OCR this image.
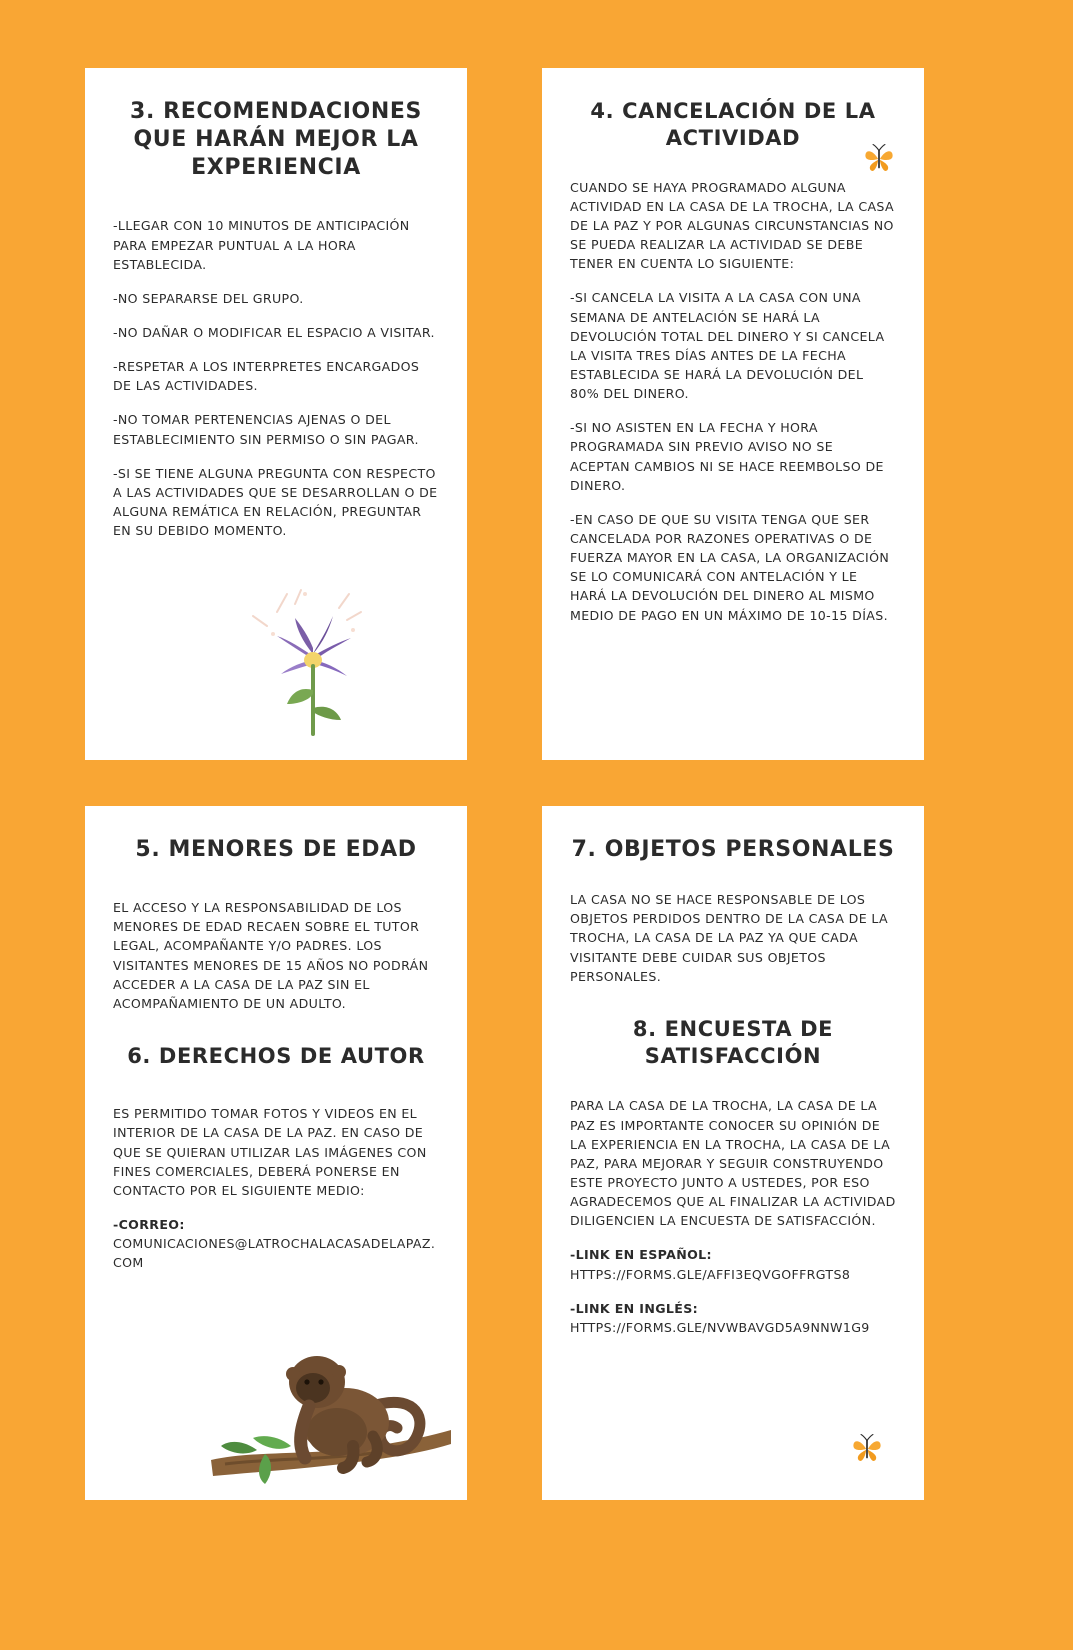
3. RECOMENDACIONES QUE HARÁN MEJOR LA EXPERIENCIA

-LLEGAR CON 10 MINUTOS DE ANTICIPACIÓN PARA EMPEZAR PUNTUAL A LA HORA ESTABLECIDA.

-NO SEPARARSE DEL GRUPO.

-NO DAÑAR O MODIFICAR EL ESPACIO A VISITAR.

-RESPETAR A LOS INTERPRETES ENCARGADOS DE LAS ACTIVIDADES.

-NO TOMAR PERTENENCIAS AJENAS O DEL ESTABLECIMIENTO SIN PERMISO O SIN PAGAR.

-SI SE TIENE ALGUNA PREGUNTA CON RESPECTO A LAS ACTIVIDADES QUE SE DESARROLLAN O DE ALGUNA REMÁTICA EN RELACIÓN, PREGUNTAR EN SU DEBIDO MOMENTO.

4. CANCELACIÓN DE LA ACTIVIDAD

CUANDO SE HAYA PROGRAMADO ALGUNA ACTIVIDAD EN LA CASA DE LA TROCHA, LA CASA DE LA PAZ Y POR ALGUNAS CIRCUNSTANCIAS NO SE PUEDA REALIZAR LA ACTIVIDAD SE DEBE TENER EN CUENTA LO SIGUIENTE:

-SI CANCELA LA VISITA A LA CASA CON UNA SEMANA DE ANTELACIÓN SE HARÁ LA DEVOLUCIÓN TOTAL DEL DINERO Y SI CANCELA LA VISITA TRES DÍAS ANTES DE LA FECHA ESTABLECIDA SE HARÁ LA DEVOLUCIÓN DEL 80% DEL DINERO.

-SI NO ASISTEN EN LA FECHA Y HORA PROGRAMADA SIN PREVIO AVISO NO SE ACEPTAN CAMBIOS NI SE HACE REEMBOLSO DE DINERO.

-EN CASO DE QUE SU VISITA TENGA QUE SER CANCELADA POR RAZONES OPERATIVAS O DE FUERZA MAYOR EN LA CASA, LA ORGANIZACIÓN SE LO COMUNICARÁ CON ANTELACIÓN Y LE HARÁ LA DEVOLUCIÓN DEL DINERO AL MISMO MEDIO DE PAGO EN UN MÁXIMO DE 10-15 DÍAS.

5. MENORES DE EDAD

EL ACCESO Y LA RESPONSABILIDAD DE LOS MENORES DE EDAD RECAEN SOBRE EL TUTOR LEGAL, ACOMPAÑANTE Y/O PADRES. LOS VISITANTES MENORES DE 15 AÑOS NO PODRÁN ACCEDER A LA CASA DE LA PAZ SIN EL ACOMPAÑAMIENTO DE UN ADULTO.

6. DERECHOS DE AUTOR

ES PERMITIDO TOMAR FOTOS Y VIDEOS EN EL INTERIOR DE LA CASA DE LA PAZ. EN CASO DE QUE SE QUIERAN UTILIZAR LAS IMÁGENES CON FINES COMERCIALES, DEBERÁ PONERSE EN CONTACTO POR EL SIGUIENTE MEDIO:

-CORREO: COMUNICACIONES@LATROCHALACASADELAPAZ.COM

7. OBJETOS PERSONALES

LA CASA NO SE HACE RESPONSABLE DE LOS OBJETOS PERDIDOS DENTRO DE LA CASA DE LA TROCHA, LA CASA DE LA PAZ YA QUE CADA VISITANTE DEBE CUIDAR SUS OBJETOS PERSONALES.

8. ENCUESTA DE SATISFACCIÓN

PARA LA CASA DE LA TROCHA, LA CASA DE LA PAZ ES IMPORTANTE CONOCER SU OPINIÓN DE LA EXPERIENCIA EN LA TROCHA, LA CASA DE LA PAZ, PARA MEJORAR Y SEGUIR CONSTRUYENDO ESTE PROYECTO JUNTO A USTEDES, POR ESO AGRADECEMOS QUE AL FINALIZAR LA ACTIVIDAD DILIGENCIEN LA ENCUESTA DE SATISFACCIÓN.

-LINK EN ESPAÑOL: HTTPS://FORMS.GLE/AFFI3EQVGOFFRGTS8

-LINK EN INGLÉS: HTTPS://FORMS.GLE/NVWBAVGD5A9NNW1G9
